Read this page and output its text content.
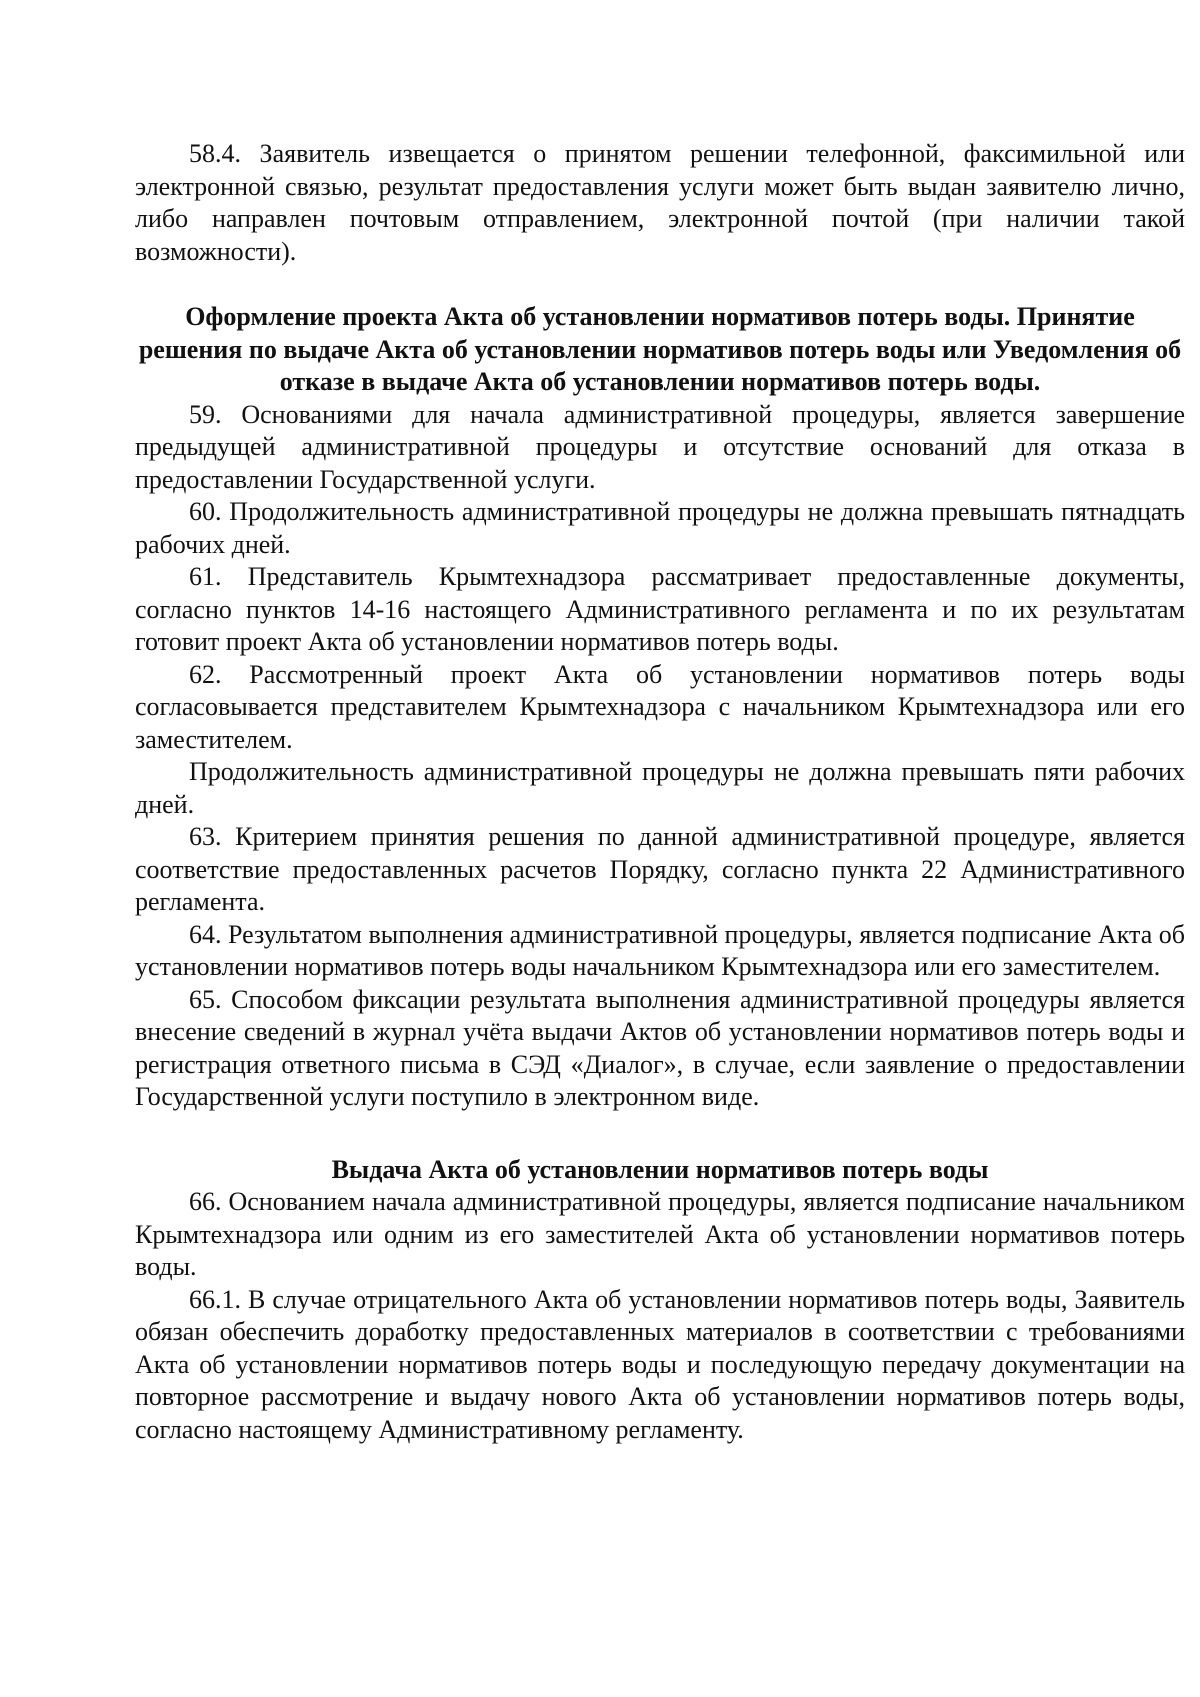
58.4. Заявитель извещается о принятом решении телефонной, факсимильной или электронной связью, результат предоставления услуги может быть выдан заявителю лично, либо направлен почтовым отправлением, электронной почтой (при наличии такой возможности).

Оформление проекта Акта об установлении нормативов потерь воды. Принятие решения по выдаче Акта об установлении нормативов потерь воды или Уведомления об отказе в выдаче Акта об установлении нормативов потерь воды.

59. Основаниями для начала административной процедуры, является завершение предыдущей административной процедуры и отсутствие оснований для отказа в предоставлении Государственной услуги.

60. Продолжительность административной процедуры не должна превышать пятнадцать рабочих дней.

61. Представитель Крымтехнадзора рассматривает предоставленные документы, согласно пунктов 14-16 настоящего Административного регламента и по их результатам готовит проект Акта об установлении нормативов потерь воды.

62. Рассмотренный проект Акта об установлении нормативов потерь воды согласовывается представителем Крымтехнадзора с начальником Крымтехнадзора или его заместителем.

Продолжительность административной процедуры не должна превышать пяти рабочих дней.

63. Критерием принятия решения по данной административной процедуре, является соответствие предоставленных расчетов Порядку, согласно пункта 22 Административного регламента.

64. Результатом выполнения административной процедуры, является подписание Акта об установлении нормативов потерь воды начальником Крымтехнадзора или его заместителем.

65. Способом фиксации результата выполнения административной процедуры является внесение сведений в журнал учёта выдачи Актов об установлении нормативов потерь воды и регистрация ответного письма в СЭД «Диалог», в случае, если заявление о предоставлении Государственной услуги поступило в электронном виде.

Выдача Акта об установлении нормативов потерь воды

66. Основанием начала административной процедуры, является подписание начальником Крымтехнадзора или одним из его заместителей Акта об установлении нормативов потерь воды.

66.1. В случае отрицательного Акта об установлении нормативов потерь воды, Заявитель обязан обеспечить доработку предоставленных материалов в соответствии с требованиями Акта об установлении нормативов потерь воды и последующую передачу документации на повторное рассмотрение и выдачу нового Акта об установлении нормативов потерь воды, согласно настоящему Административному регламенту.
